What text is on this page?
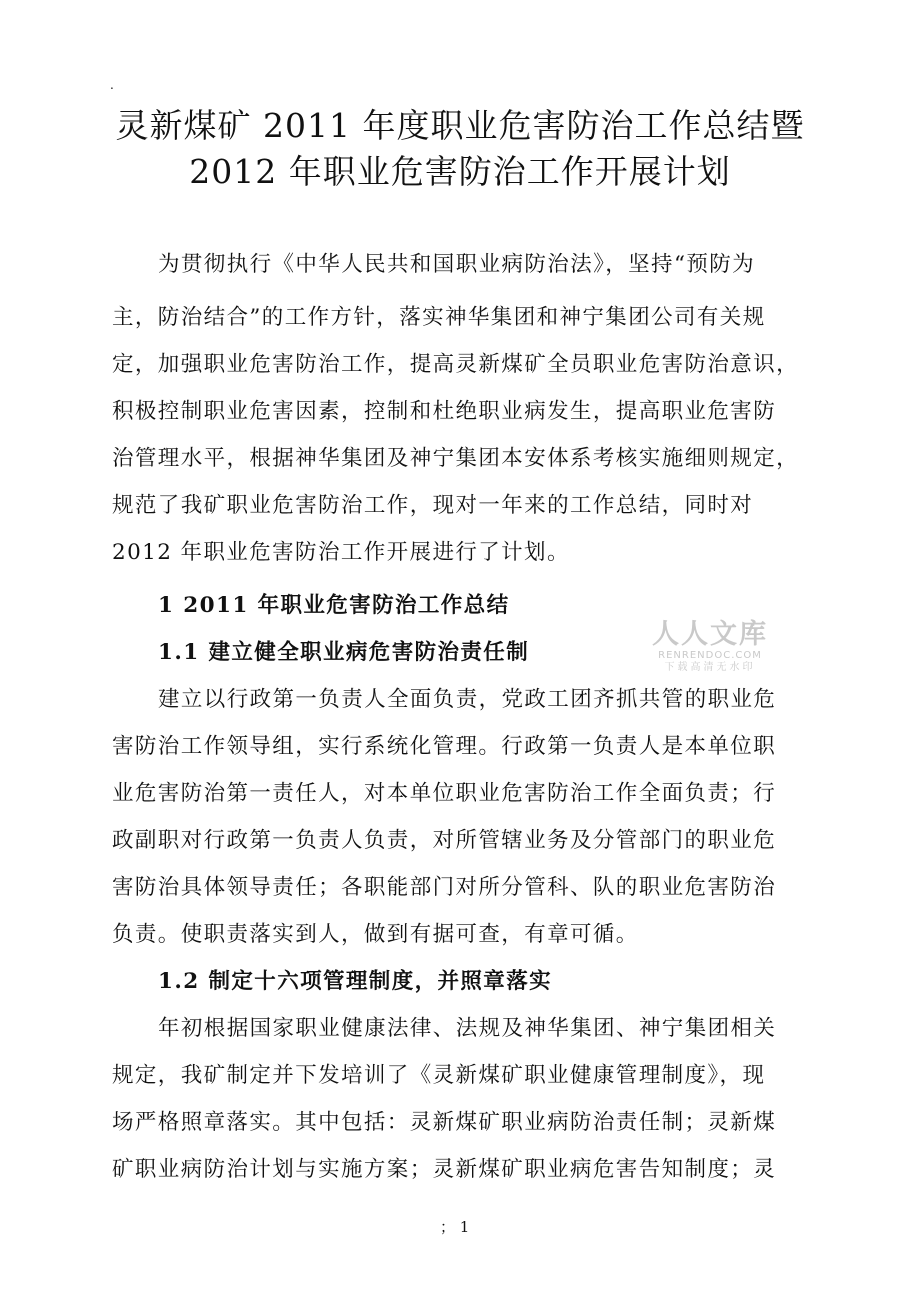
.
灵新煤矿 2011 年度职业危害防治工作总结暨
2012 年职业危害防治工作开展计划
为贯彻执行《中华人民共和国职业病防治法》，坚持“预防为
主，防治结合”的工作方针，落实神华集团和神宁集团公司有关规
定，加强职业危害防治工作，提高灵新煤矿全员职业危害防治意识，
积极控制职业危害因素，控制和杜绝职业病发生，提高职业危害防
治管理水平，根据神华集团及神宁集团本安体系考核实施细则规定，
规范了我矿职业危害防治工作，现对一年来的工作总结，同时对
2012 年职业危害防治工作开展进行了计划。
1 2011 年职业危害防治工作总结
1.1 建立健全职业病危害防治责任制
建立以行政第一负责人全面负责，党政工团齐抓共管的职业危
害防治工作领导组，实行系统化管理。行政第一负责人是本单位职
业危害防治第一责任人，对本单位职业危害防治工作全面负责；行
政副职对行政第一负责人负责，对所管辖业务及分管部门的职业危
害防治具体领导责任；各职能部门对所分管科、队的职业危害防治
负责。使职责落实到人，做到有据可查，有章可循。
1.2 制定十六项管理制度，并照章落实
年初根据国家职业健康法律、法规及神华集团、神宁集团相关
规定，我矿制定并下发培训了《灵新煤矿职业健康管理制度》，现
场严格照章落实。其中包括：灵新煤矿职业病防治责任制；灵新煤
矿职业病防治计划与实施方案；灵新煤矿职业病危害告知制度；灵
人人文库
RENRENDOC.COM
下载高清无水印
； 1
